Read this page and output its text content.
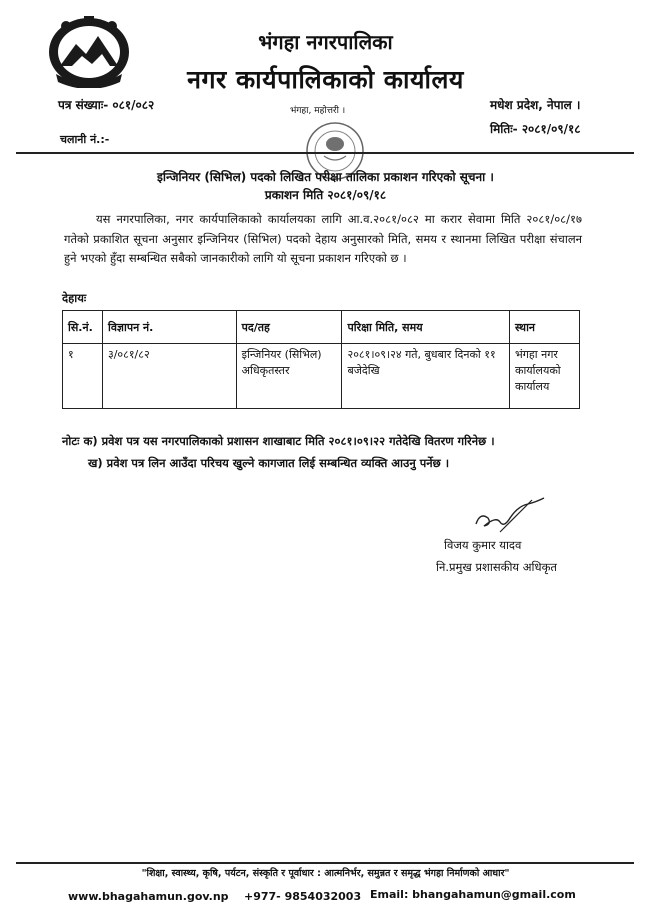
भंगहा नगरपालिका
नगर कार्यपालिकाको कार्यालय
पत्र संख्याः- ०८१/०८२	भंगहा, महोत्तरी ।	मधेश प्रदेश, नेपाल ।
मितिः- २०८१/०९/१८
चलानी नं.:-
इन्जिनियर (सिभिल) पदको लिखित परीक्षा तालिका प्रकाशन गरिएको सूचना ।
प्रकाशन मिति २०८१/०९/१८
यस नगरपालिका, नगर कार्यपालिकाको कार्यालयका लागि आ.व.२०८१/०८२ मा करार सेवामा मिति २०८१/०८/१७ गतेको प्रकाशित सूचना अनुसार इन्जिनियर (सिभिल) पदको देहाय अनुसारको मिति, समय र स्थानमा लिखित परीक्षा संचालन हुने भएको हुँदा सम्बन्धित सबैको जानकारीको लागि यो सूचना प्रकाशन गरिएको छ ।
देहायः
सि.नं.	विज्ञापन नं.	पद/तह	परिक्षा मिति, समय	स्थान
१	३/०८१/८२	इन्जिनियर (सिभिल) अधिकृतस्तर	२०८१।०९।२४ गते, बुधबार दिनको ११ बजेदेखि	भंगहा नगर कार्यालयको कार्यालय
नोटः क) प्रवेश पत्र यस नगरपालिकाको प्रशासन शाखाबाट मिति २०८१।०९।२२ गतेदेखि वितरण गरिनेछ ।
ख) प्रवेश पत्र लिन आउँदा परिचय खुल्ने कागजात लिई सम्बन्धित व्यक्ति आउनु पर्नेछ ।
विजय कुमार यादव
नि.प्रमुख प्रशासकीय अधिकृत
"शिक्षा, स्वास्थ्य, कृषि, पर्यटन, संस्कृति र पूर्वाधार : आत्मनिर्भर, समुन्नत र समृद्ध भंगहा निर्माणको आधार"
www.bhagahamun.gov.np +977- 9854032003 Email: bhangahamun@gmail.com
